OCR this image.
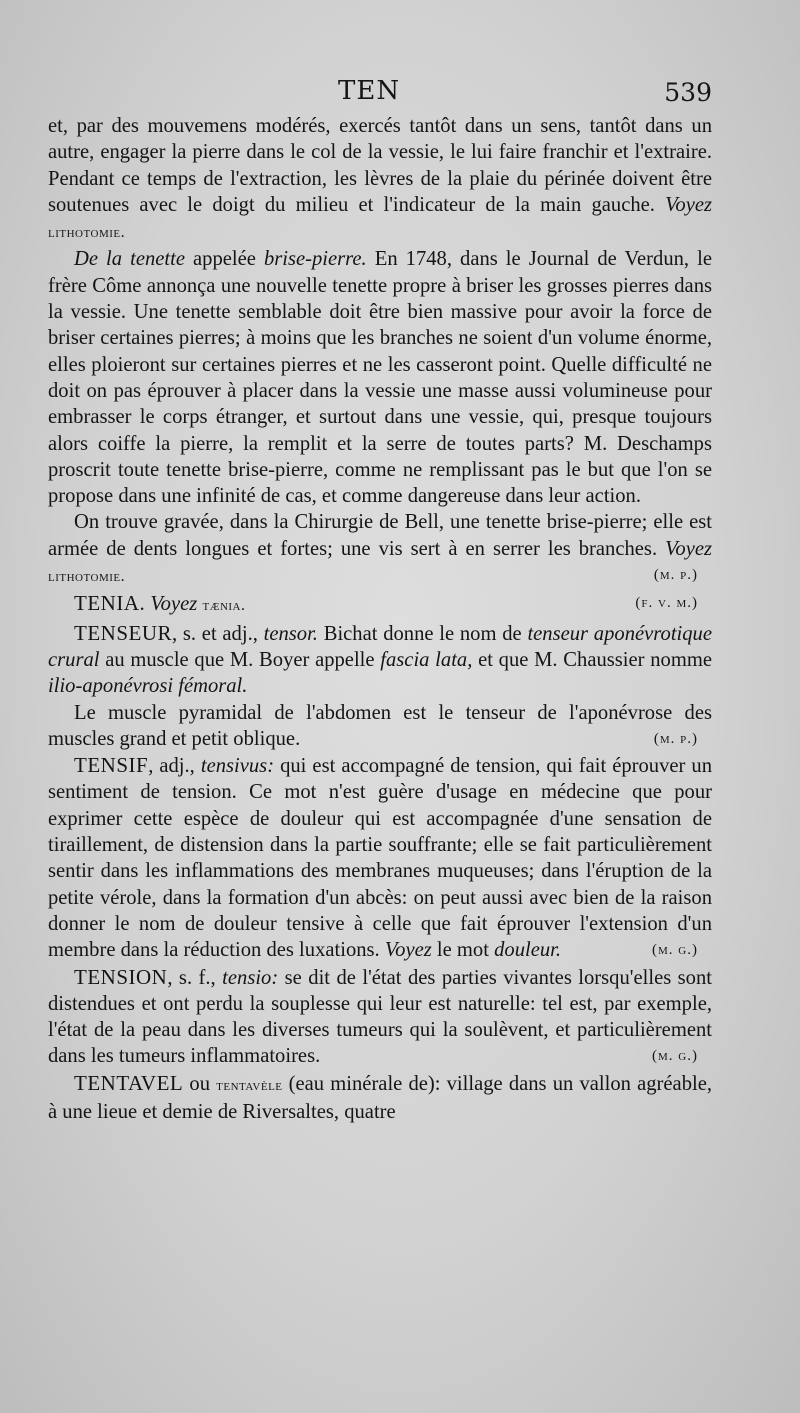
TEN	539

et, par des mouvemens modérés, exercés tantôt dans un sens, tantôt dans un autre, engager la pierre dans le col de la vessie, le lui faire franchir et l'extraire. Pendant ce temps de l'extraction, les lèvres de la plaie du périnée doivent être soutenues avec le doigt du milieu et l'indicateur de la main gauche. Voyez lithotomie.

De la tenette appelée brise-pierre. En 1748, dans le Journal de Verdun, le frère Côme annonça une nouvelle tenette propre à briser les grosses pierres dans la vessie. Une tenette semblable doit être bien massive pour avoir la force de briser certaines pierres; à moins que les branches ne soient d'un volume énorme, elles ploieront sur certaines pierres et ne les casseront point. Quelle difficulté ne doit on pas éprouver à placer dans la vessie une masse aussi volumineuse pour embrasser le corps étranger, et surtout dans une vessie, qui, presque toujours alors coiffe la pierre, la remplit et la serre de toutes parts? M. Deschamps proscrit toute tenette brise-pierre, comme ne remplissant pas le but que l'on se propose dans une infinité de cas, et comme dangereuse dans leur action.

On trouve gravée, dans la Chirurgie de Bell, une tenette brise-pierre; elle est armée de dents longues et fortes; une vis sert à en serrer les branches. Voyez lithotomie.	(m. p.)

TENIA. Voyez tænia.	(f. v. m.)

TENSEUR, s. et adj., tensor. Bichat donne le nom de tenseur aponévrotique crural au muscle que M. Boyer appelle fascia lata, et que M. Chaussier nomme ilio-aponévrosi fémoral.

Le muscle pyramidal de l'abdomen est le tenseur de l'aponévrose des muscles grand et petit oblique.	(m. p.)

TENSIF, adj., tensivus: qui est accompagné de tension, qui fait éprouver un sentiment de tension. Ce mot n'est guère d'usage en médecine que pour exprimer cette espèce de douleur qui est accompagnée d'une sensation de tiraillement, de distension dans la partie souffrante; elle se fait particulièrement sentir dans les inflammations des membranes muqueuses; dans l'éruption de la petite vérole, dans la formation d'un abcès: on peut aussi avec bien de la raison donner le nom de douleur tensive à celle que fait éprouver l'extension d'un membre dans la réduction des luxations. Voyez le mot douleur.	(m. g.)

TENSION, s. f., tensio: se dit de l'état des parties vivantes lorsqu'elles sont distendues et ont perdu la souplesse qui leur est naturelle: tel est, par exemple, l'état de la peau dans les diverses tumeurs qui la soulèvent, et particulièrement dans les tumeurs inflammatoires.	(m. g.)

TENTAVEL ou tentavèle (eau minérale de): village dans un vallon agréable, à une lieue et demie de Riversaltes, quatre
